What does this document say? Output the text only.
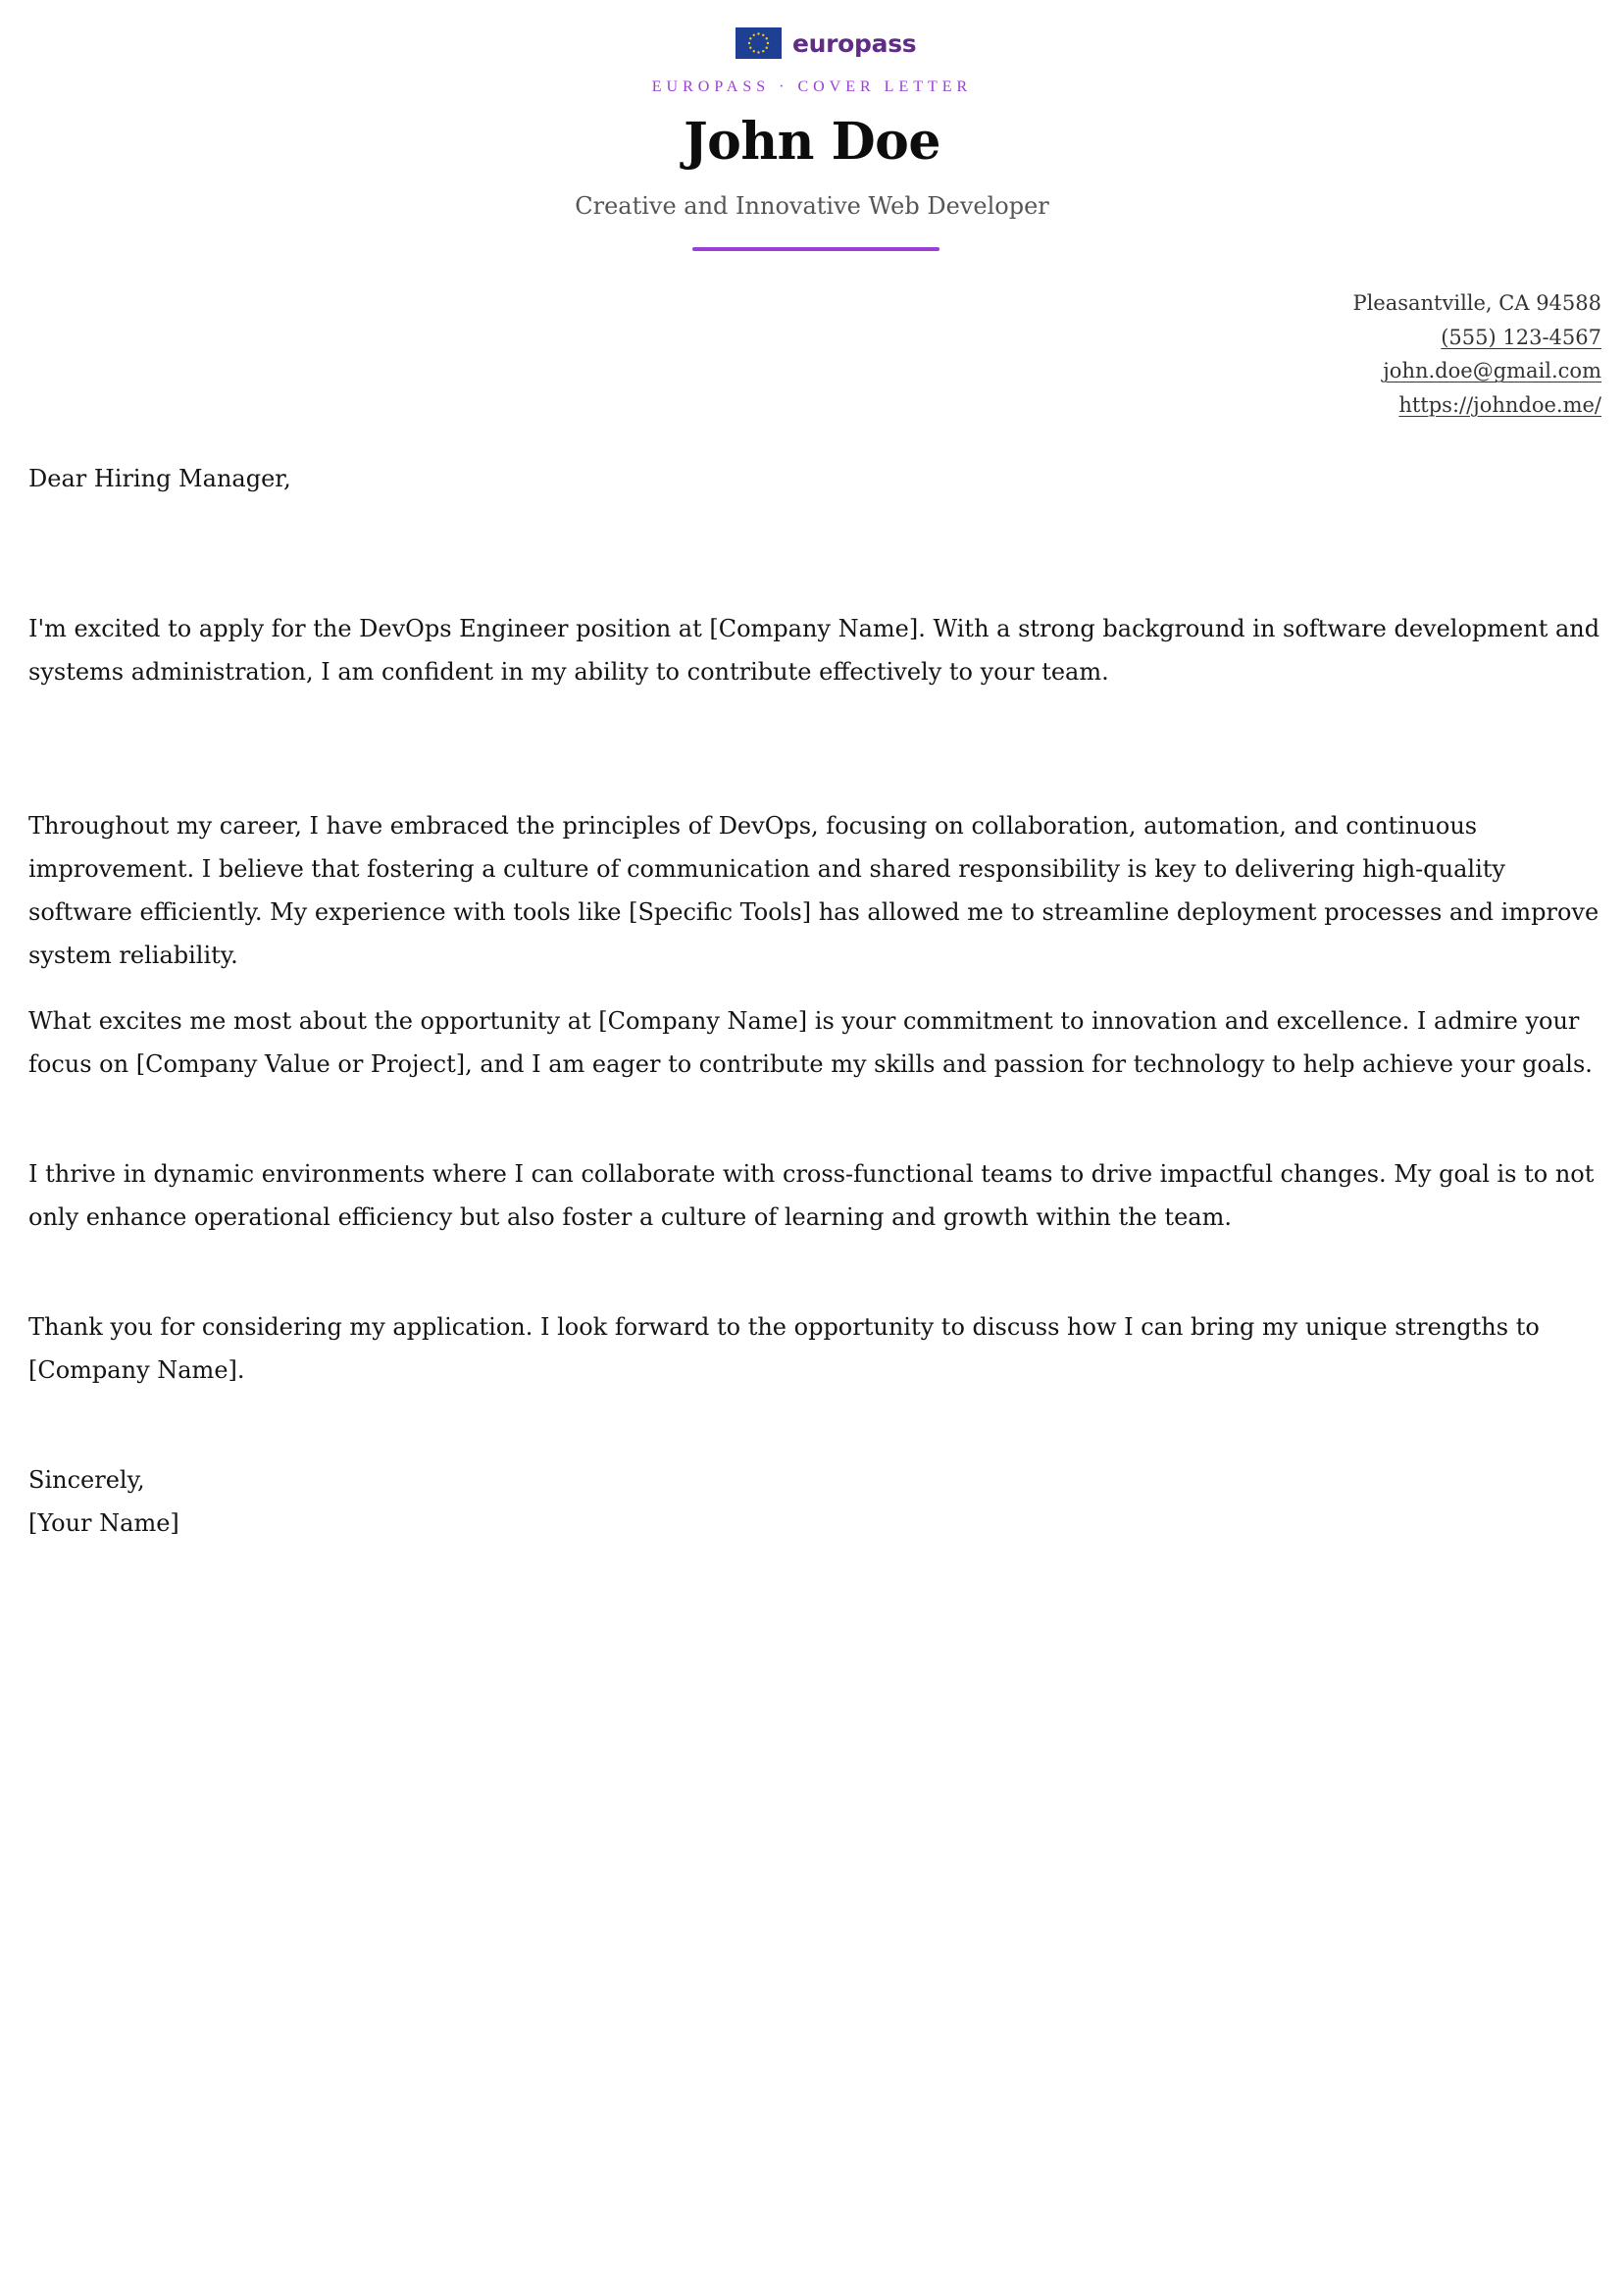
europass
EUROPASS · COVER LETTER
John Doe
Creative and Innovative Web Developer
Pleasantville, CA 94588
(555) 123-4567
john.doe@gmail.com
https://johndoe.me/

Dear Hiring Manager,

I'm excited to apply for the DevOps Engineer position at [Company Name]. With a strong background in software development and systems administration, I am confident in my ability to contribute effectively to your team.

Throughout my career, I have embraced the principles of DevOps, focusing on collaboration, automation, and continuous improvement. I believe that fostering a culture of communication and shared responsibility is key to delivering high-quality software efficiently. My experience with tools like [Specific Tools] has allowed me to streamline deployment processes and improve system reliability.

What excites me most about the opportunity at [Company Name] is your commitment to innovation and excellence. I admire your focus on [Company Value or Project], and I am eager to contribute my skills and passion for technology to help achieve your goals.

I thrive in dynamic environments where I can collaborate with cross-functional teams to drive impactful changes. My goal is to not only enhance operational efficiency but also foster a culture of learning and growth within the team.

Thank you for considering my application. I look forward to the opportunity to discuss how I can bring my unique strengths to [Company Name].

Sincerely,

[Your Name]
